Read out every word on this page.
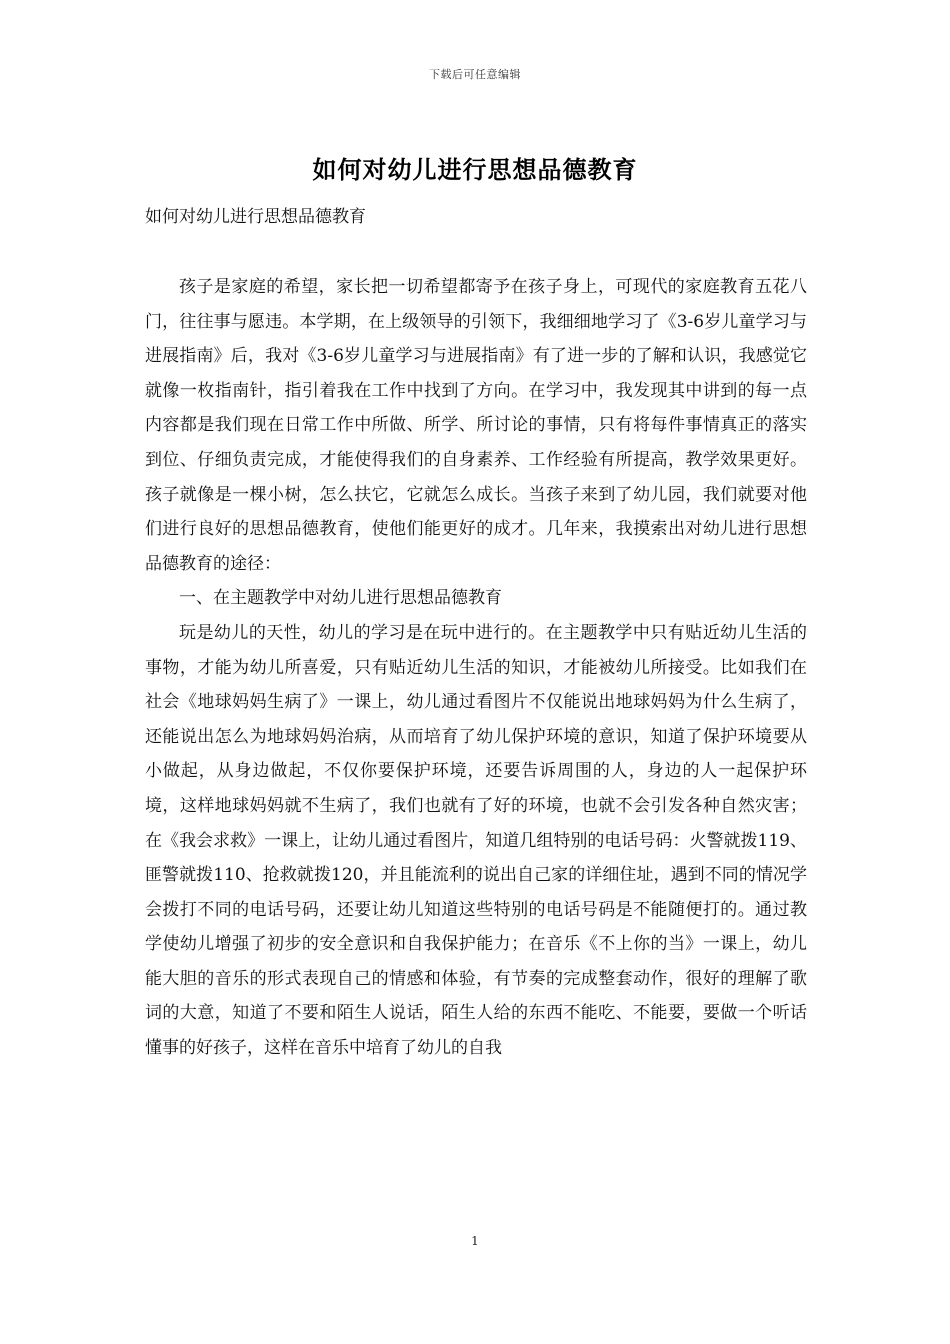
下载后可任意编辑
如何对幼儿进行思想品德教育
如何对幼儿进行思想品德教育

孩子是家庭的希望，家长把一切希望都寄予在孩子身上，可现代的家庭教育五花八门，往往事与愿违。本学期，在上级领导的引领下，我细细地学习了《3-6岁儿童学习与进展指南》后，我对《3-6岁儿童学习与进展指南》有了进一步的了解和认识，我感觉它就像一枚指南针，指引着我在工作中找到了方向。在学习中，我发现其中讲到的每一点内容都是我们现在日常工作中所做、所学、所讨论的事情，只有将每件事情真正的落实到位、仔细负责完成，才能使得我们的自身素养、工作经验有所提高，教学效果更好。孩子就像是一棵小树，怎么扶它，它就怎么成长。当孩子来到了幼儿园，我们就要对他们进行良好的思想品德教育，使他们能更好的成才。几年来，我摸索出对幼儿进行思想品德教育的途径：

一、在主题教学中对幼儿进行思想品德教育

玩是幼儿的天性，幼儿的学习是在玩中进行的。在主题教学中只有贴近幼儿生活的事物，才能为幼儿所喜爱，只有贴近幼儿生活的知识，才能被幼儿所接受。比如我们在社会《地球妈妈生病了》一课上，幼儿通过看图片不仅能说出地球妈妈为什么生病了，还能说出怎么为地球妈妈治病，从而培育了幼儿保护环境的意识，知道了保护环境要从小做起，从身边做起，不仅你要保护环境，还要告诉周围的人，身边的人一起保护环境，这样地球妈妈就不生病了，我们也就有了好的环境，也就不会引发各种自然灾害；在《我会求救》一课上，让幼儿通过看图片，知道几组特别的电话号码：火警就拨119、匪警就拨110、抢救就拨120，并且能流利的说出自己家的详细住址，遇到不同的情况学会拨打不同的电话号码，还要让幼儿知道这些特别的电话号码是不能随便打的。通过教学使幼儿增强了初步的安全意识和自我保护能力；在音乐《不上你的当》一课上，幼儿能大胆的音乐的形式表现自己的情感和体验，有节奏的完成整套动作，很好的理解了歌词的大意，知道了不要和陌生人说话，陌生人给的东西不能吃、不能要，要做一个听话懂事的好孩子，这样在音乐中培育了幼儿的自我

1
